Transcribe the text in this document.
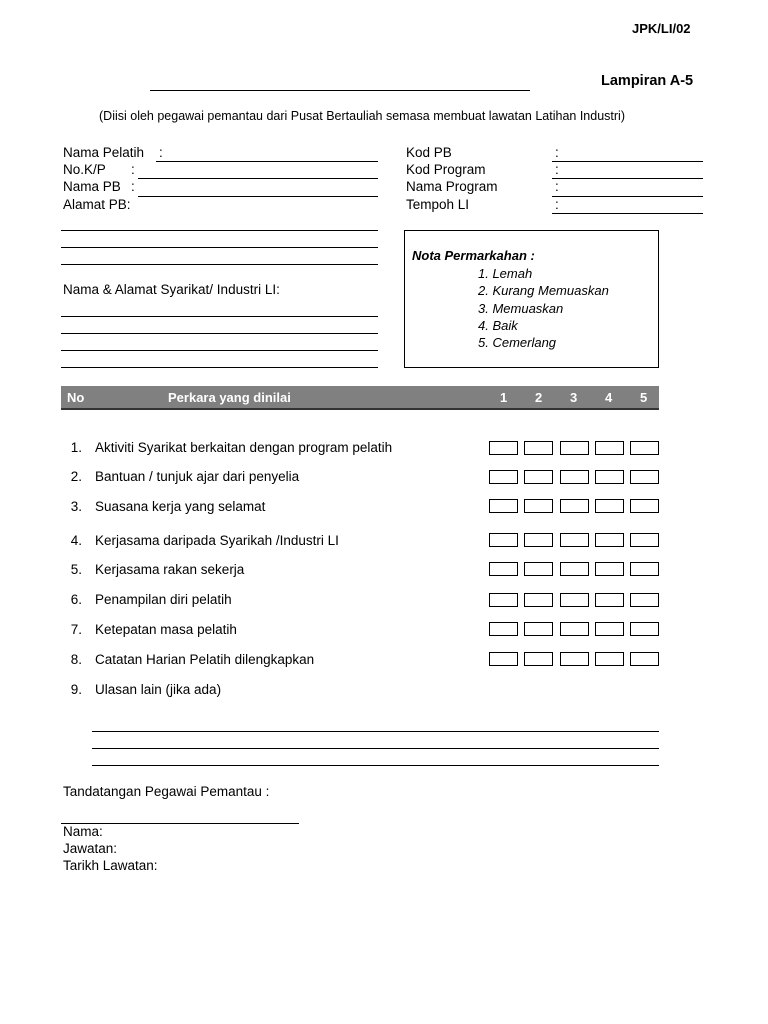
JPK/LI/02
Lampiran A-5
(Diisi oleh pegawai pemantau dari Pusat Bertauliah semasa membuat lawatan Latihan Industri)
Nama Pelatih :
No.K/P :
Nama PB :
Alamat PB:
Nama & Alamat Syarikat/ Industri LI:
Kod PB	:
Kod Program	:
Nama Program	:
Tempoh LI	:
Nota Permarkahan :
1. Lemah
2. Kurang Memuaskan
3. Memuaskan
4. Baik
5. Cemerlang
No	Perkara yang dinilai	1 2 3 4 5
1. Aktiviti Syarikat berkaitan dengan program pelatih
2. Bantuan / tunjuk ajar dari penyelia
3. Suasana kerja yang selamat
4. Kerjasama daripada Syarikah /Industri LI
5. Kerjasama rakan sekerja
6. Penampilan diri pelatih
7. Ketepatan masa pelatih
8. Catatan Harian Pelatih dilengkapkan
9. Ulasan lain (jika ada)
Tandatangan Pegawai Pemantau :
Nama:
Jawatan:
Tarikh Lawatan:
